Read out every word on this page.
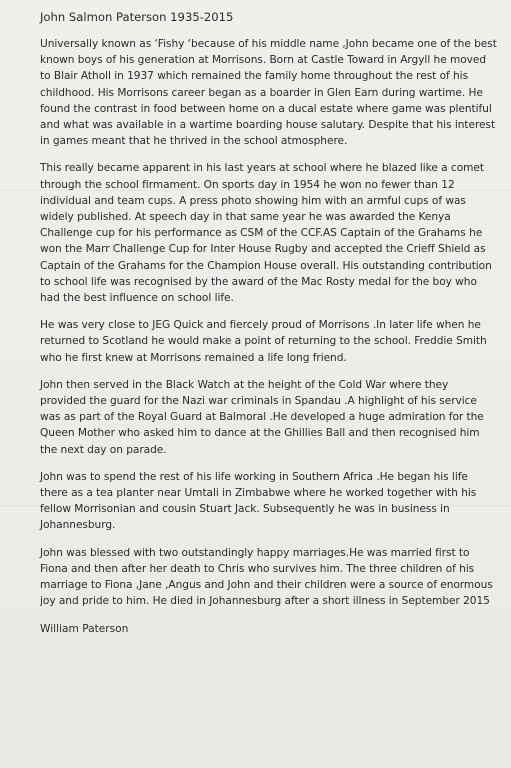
John Salmon Paterson 1935-2015

Universally known as ‘Fishy ‘because of his middle name ,John became one of the best known boys of his generation at Morrisons. Born at Castle Toward in Argyll he moved to Blair Atholl in 1937 which remained the family home throughout the rest of his childhood. His Morrisons career began as a boarder in Glen Earn during wartime. He found the contrast in food between home on a ducal estate where game was plentiful and what was available in a wartime boarding house salutary. Despite that his interest in games meant that he thrived in the school atmosphere.

This really became apparent in his last years at school where he blazed like a comet through the school firmament. On sports day in 1954 he won no fewer than 12 individual and team cups. A press photo showing him with an armful cups of was widely published. At speech day in that same year he was awarded the Kenya Challenge cup for his performance as CSM of the CCF.AS Captain of the Grahams he won the Marr Challenge Cup for Inter House Rugby and accepted the Crieff Shield as Captain of the Grahams for the Champion House overall. His outstanding contribution to school life was recognised by the award of the Mac Rosty medal for the boy who had the best influence on school life.

He was very close to JEG Quick and fiercely proud of Morrisons .In later life when he returned to Scotland he would make a point of returning to the school. Freddie Smith who he first knew at Morrisons remained a life long friend.

John then served in the Black Watch at the height of the Cold War where they provided the guard for the Nazi war criminals in Spandau .A highlight of his service was as part of the Royal Guard at Balmoral .He developed a huge admiration for the Queen Mother who asked him to dance at the Ghillies Ball and then recognised him the next day on parade.

John was to spend the rest of his life working in Southern Africa .He began his life there as a tea planter near Umtali in Zimbabwe where he worked together with his fellow Morrisonian and cousin Stuart Jack. Subsequently he was in business in Johannesburg.

John was blessed with two outstandingly happy marriages.He was married first to Fiona and then after her death to Chris who survives him. The three children of his marriage to Fiona ,Jane ,Angus and John and their children were a source of enormous joy and pride to him. He died in Johannesburg after a short illness in September 2015

William Paterson
